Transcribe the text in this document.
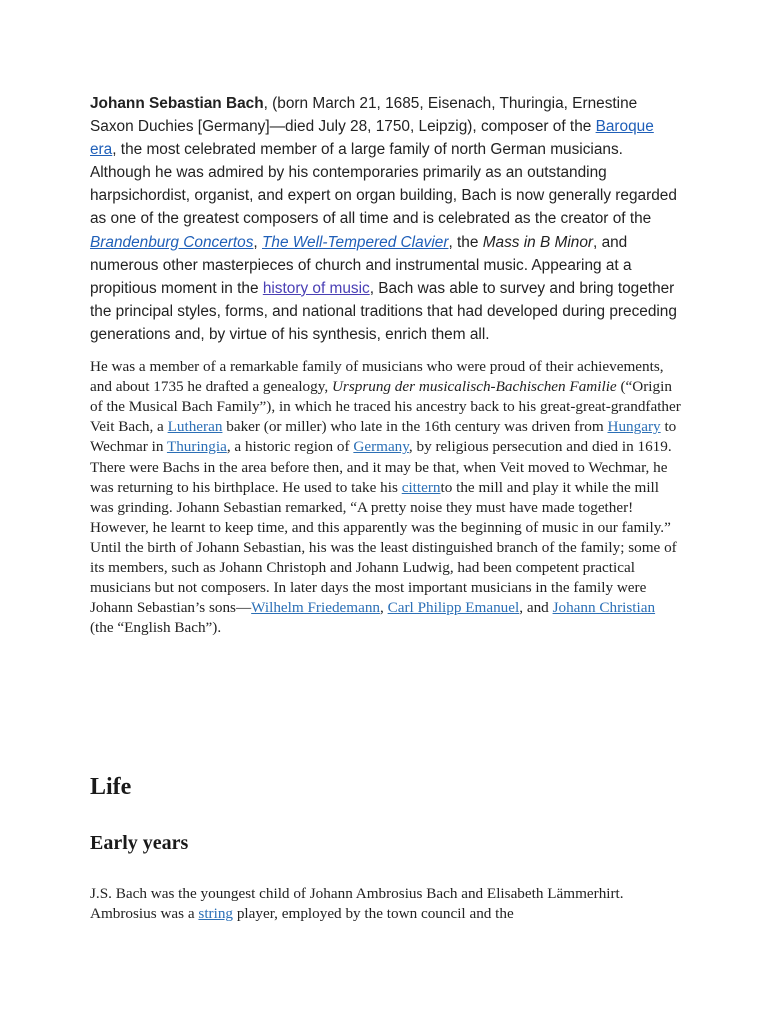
Johann Sebastian Bach, (born March 21, 1685, Eisenach, Thuringia, Ernestine Saxon Duchies [Germany]—died July 28, 1750, Leipzig), composer of the Baroque era, the most celebrated member of a large family of north German musicians. Although he was admired by his contemporaries primarily as an outstanding harpsichordist, organist, and expert on organ building, Bach is now generally regarded as one of the greatest composers of all time and is celebrated as the creator of the Brandenburg Concertos, The Well-Tempered Clavier, the Mass in B Minor, and numerous other masterpieces of church and instrumental music. Appearing at a propitious moment in the history of music, Bach was able to survey and bring together the principal styles, forms, and national traditions that had developed during preceding generations and, by virtue of his synthesis, enrich them all.

He was a member of a remarkable family of musicians who were proud of their achievements, and about 1735 he drafted a genealogy, Ursprung der musicalisch-Bachischen Familie (“Origin of the Musical Bach Family”), in which he traced his ancestry back to his great-great-grandfather Veit Bach, a Lutheran baker (or miller) who late in the 16th century was driven from Hungary to Wechmar in Thuringia, a historic region of Germany, by religious persecution and died in 1619. There were Bachs in the area before then, and it may be that, when Veit moved to Wechmar, he was returning to his birthplace. He used to take his citternto the mill and play it while the mill was grinding. Johann Sebastian remarked, “A pretty noise they must have made together! However, he learnt to keep time, and this apparently was the beginning of music in our family.”
Until the birth of Johann Sebastian, his was the least distinguished branch of the family; some of its members, such as Johann Christoph and Johann Ludwig, had been competent practical musicians but not composers. In later days the most important musicians in the family were Johann Sebastian’s sons—Wilhelm Friedemann, Carl Philipp Emanuel, and Johann Christian (the “English Bach”).

Life
Early years

J.S. Bach was the youngest child of Johann Ambrosius Bach and Elisabeth Lämmerhirt. Ambrosius was a string player, employed by the town council and the
